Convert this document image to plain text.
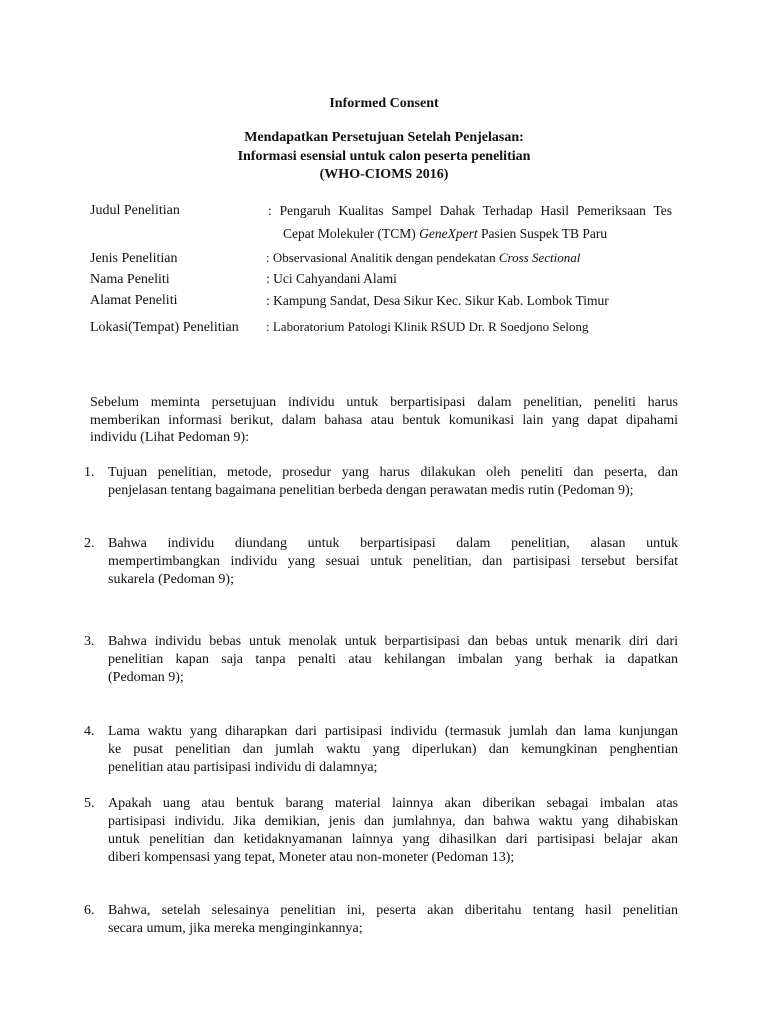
Informed Consent
Mendapatkan Persetujuan Setelah Penjelasan:
Informasi esensial untuk calon peserta penelitian
(WHO-CIOMS 2016)
Judul Penelitian	: Pengaruh Kualitas Sampel Dahak Terhadap Hasil Pemeriksaan Tes
Cepat Molekuler (TCM) GeneXpert Pasien Suspek TB Paru
Jenis Penelitian	: Observasional Analitik dengan pendekatan Cross Sectional
Nama Peneliti	: Uci Cahyandani Alami
Alamat Peneliti	: Kampung Sandat, Desa Sikur Kec. Sikur Kab. Lombok Timur
Lokasi(Tempat) Penelitian : Laboratorium Patologi Klinik RSUD Dr. R Soedjono Selong
Sebelum meminta persetujuan individu untuk berpartisipasi dalam penelitian, peneliti harus
memberikan informasi berikut, dalam bahasa atau bentuk komunikasi lain yang dapat dipahami
individu (Lihat Pedoman 9):
1. Tujuan penelitian, metode, prosedur yang harus dilakukan oleh peneliti dan peserta, dan
penjelasan tentang bagaimana penelitian berbeda dengan perawatan medis rutin (Pedoman 9);
2. Bahwa individu diundang untuk berpartisipasi dalam penelitian, alasan untuk
mempertimbangkan individu yang sesuai untuk penelitian, dan partisipasi tersebut bersifat
sukarela (Pedoman 9);
3. Bahwa individu bebas untuk menolak untuk berpartisipasi dan bebas untuk menarik diri dari
penelitian kapan saja tanpa penalti atau kehilangan imbalan yang berhak ia dapatkan
(Pedoman 9);
4. Lama waktu yang diharapkan dari partisipasi individu (termasuk jumlah dan lama kunjungan
ke pusat penelitian dan jumlah waktu yang diperlukan) dan kemungkinan penghentian
penelitian atau partisipasi individu di dalamnya;
5. Apakah uang atau bentuk barang material lainnya akan diberikan sebagai imbalan atas
partisipasi individu. Jika demikian, jenis dan jumlahnya, dan bahwa waktu yang dihabiskan
untuk penelitian dan ketidaknyamanan lainnya yang dihasilkan dari partisipasi belajar akan
diberi kompensasi yang tepat, Moneter atau non-moneter (Pedoman 13);
6. Bahwa, setelah selesainya penelitian ini, peserta akan diberitahu tentang hasil penelitian
secara umum, jika mereka menginginkannya;
